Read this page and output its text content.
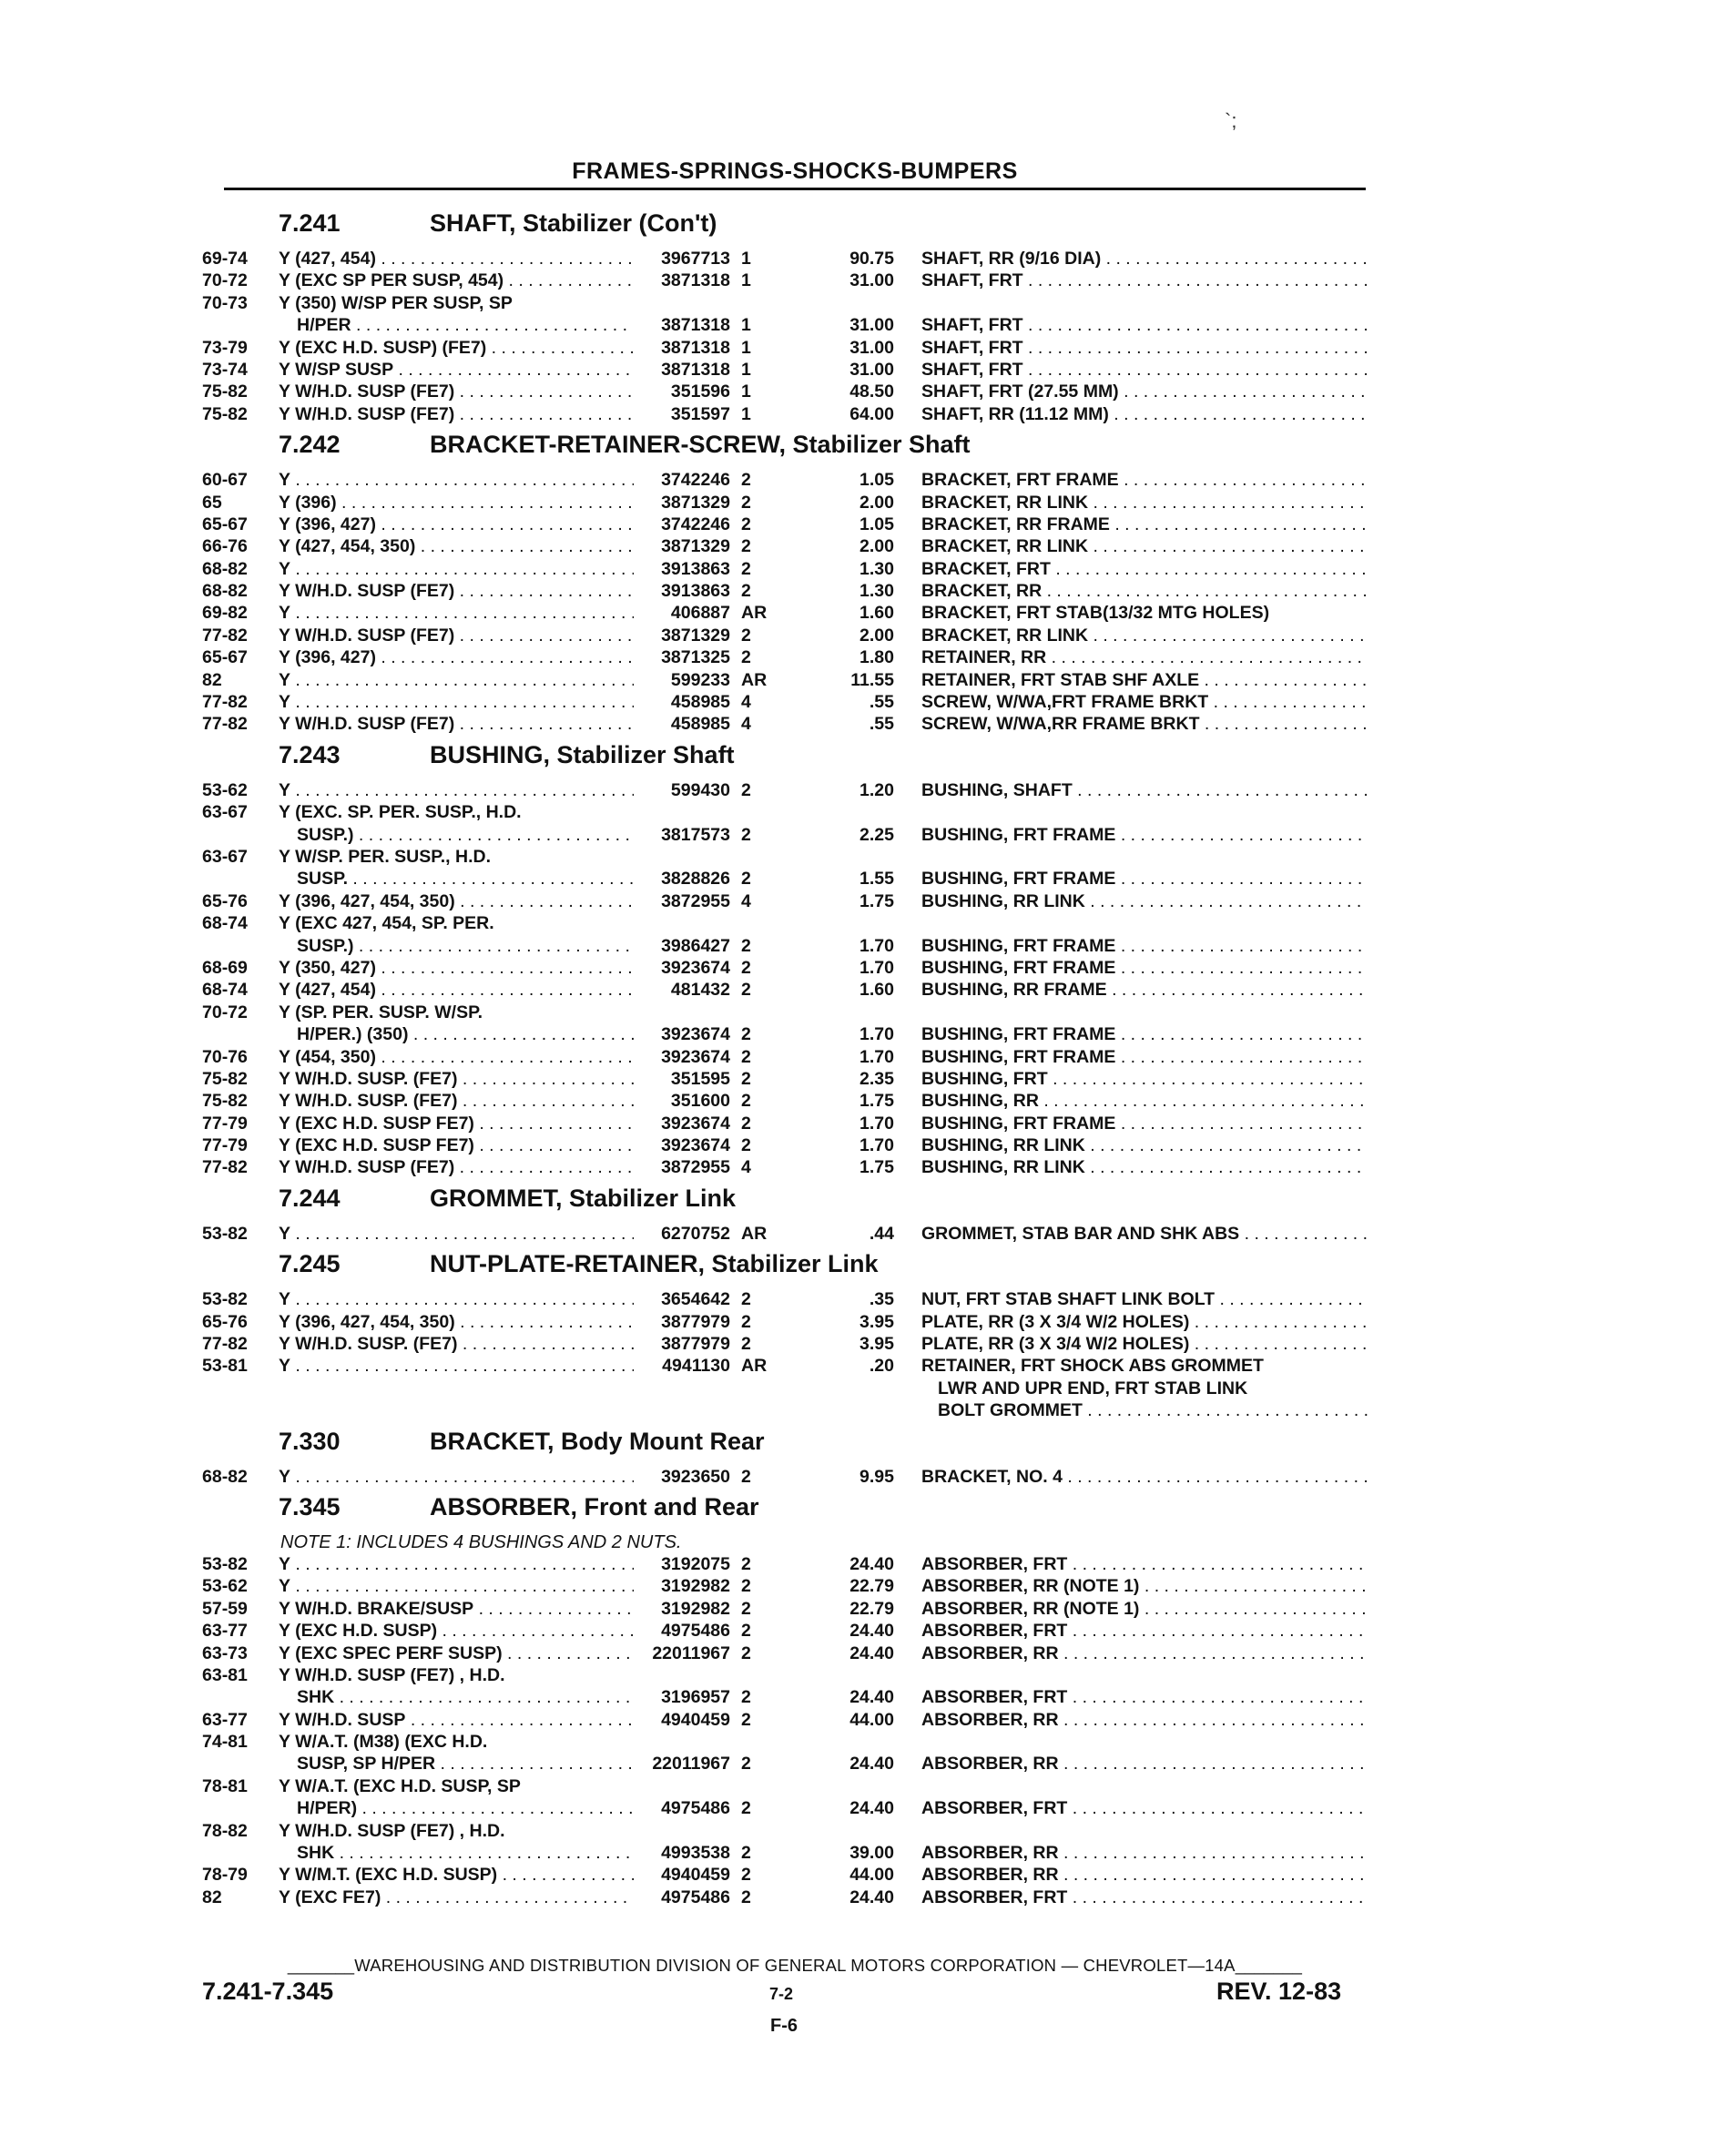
`;
FRAMES-SPRINGS-SHOCKS-BUMPERS
7.241	SHAFT, Stabilizer (Con't)
69-74	Y (427, 454) . . .	3967713 1	90.75 SHAFT, RR (9/16 DIA) . . .
70-72	Y (EXC SP PER SUSP, 454) . . .	3871318 1	31.00 SHAFT, FRT . . .
70-73	Y (350) W/SP PER SUSP, SP
H/PER . . .	3871318 1	31.00 SHAFT, FRT . . .
73-79	Y (EXC H.D. SUSP) (FE7) . . .	3871318 1	31.00 SHAFT, FRT . . .
73-74	Y W/SP SUSP . . .	3871318 1	31.00 SHAFT, FRT . . .
75-82	Y W/H.D. SUSP (FE7) . . .	351596 1	48.50 SHAFT, FRT (27.55 MM) . . .
75-82	Y W/H.D. SUSP (FE7) . . .	351597 1	64.00 SHAFT, RR (11.12 MM) . . .
7.242	BRACKET-RETAINER-SCREW, Stabilizer Shaft
60-67	Y . . .	3742246 2	1.05 BRACKET, FRT FRAME . . .
65	Y (396) . . .	3871329 2	2.00 BRACKET, RR LINK . . .
65-67	Y (396, 427) . . .	3742246 2	1.05 BRACKET, RR FRAME . . .
66-76	Y (427, 454, 350) . . .	3871329 2	2.00 BRACKET, RR LINK . . .
68-82	Y . . .	3913863 2	1.30 BRACKET, FRT . . .
68-82	Y W/H.D. SUSP (FE7) . . .	3913863 2	1.30 BRACKET, RR . . .
69-82	Y . . .	406887 AR	1.60 BRACKET, FRT STAB(13/32 MTG HOLES)
77-82	Y W/H.D. SUSP (FE7) . . .	3871329 2	2.00 BRACKET, RR LINK . . .
65-67	Y (396, 427) . . .	3871325 2	1.80 RETAINER, RR . . .
82	Y . . .	599233 AR	11.55 RETAINER, FRT STAB SHF AXLE . . .
77-82	Y . . .	458985 4	.55 SCREW, W/WA,FRT FRAME BRKT . . .
77-82	Y W/H.D. SUSP (FE7) . . .	458985 4	.55 SCREW, W/WA,RR FRAME BRKT . . .
7.243	BUSHING, Stabilizer Shaft
53-62	Y . . .	599430 2	1.20 BUSHING, SHAFT . . .
63-67	Y (EXC. SP. PER. SUSP., H.D.
SUSP.) . . .	3817573 2	2.25 BUSHING, FRT FRAME . . .
63-67	Y W/SP. PER. SUSP., H.D.
SUSP. . . .	3828826 2	1.55 BUSHING, FRT FRAME . . .
65-76	Y (396, 427, 454, 350) . . .	3872955 4	1.75 BUSHING, RR LINK . . .
68-74	Y (EXC 427, 454, SP. PER.
SUSP.) . . .	3986427 2	1.70 BUSHING, FRT FRAME . . .
68-69	Y (350, 427) . . .	3923674 2	1.70 BUSHING, FRT FRAME . . .
68-74	Y (427, 454) . . .	481432 2	1.60 BUSHING, RR FRAME . . .
70-72	Y (SP. PER. SUSP. W/SP.
H/PER.) (350) . . .	3923674 2	1.70 BUSHING, FRT FRAME . . .
70-76	Y (454, 350) . . .	3923674 2	1.70 BUSHING, FRT FRAME . . .
75-82	Y W/H.D. SUSP. (FE7) . . .	351595 2	2.35 BUSHING, FRT . . .
75-82	Y W/H.D. SUSP. (FE7) . . .	351600 2	1.75 BUSHING, RR . . .
77-79	Y (EXC H.D. SUSP FE7) . . .	3923674 2	1.70 BUSHING, FRT FRAME . . .
77-79	Y (EXC H.D. SUSP FE7) . . .	3923674 2	1.70 BUSHING, RR LINK . . .
77-82	Y W/H.D. SUSP (FE7) . . .	3872955 4	1.75 BUSHING, RR LINK . . .
7.244	GROMMET, Stabilizer Link
53-82	Y . . .	6270752 AR	.44 GROMMET, STAB BAR AND SHK ABS . . .
7.245	NUT-PLATE-RETAINER, Stabilizer Link
53-82	Y . . .	3654642 2	.35 NUT, FRT STAB SHAFT LINK BOLT . . .
65-76	Y (396, 427, 454, 350) . . .	3877979 2	3.95 PLATE, RR (3 X 3/4 W/2 HOLES) . . .
77-82	Y W/H.D. SUSP. (FE7) . . .	3877979 2	3.95 PLATE, RR (3 X 3/4 W/2 HOLES) . . .
53-81	Y . . .	4941130 AR	.20 RETAINER, FRT SHOCK ABS GROMMET
LWR AND UPR END, FRT STAB LINK
BOLT GROMMET . . .
7.330	BRACKET, Body Mount Rear
68-82	Y . . .	3923650 2	9.95 BRACKET, NO. 4 . . .
7.345	ABSORBER, Front and Rear
NOTE 1: INCLUDES 4 BUSHINGS AND 2 NUTS.
53-82	Y . . .	3192075 2	24.40 ABSORBER, FRT . . .
53-62	Y . . .	3192982 2	22.79 ABSORBER, RR (NOTE 1) . . .
57-59	Y W/H.D. BRAKE/SUSP . . .	3192982 2	22.79 ABSORBER, RR (NOTE 1) . . .
63-77	Y (EXC H.D. SUSP) . . .	4975486 2	24.40 ABSORBER, FRT . . .
63-73	Y (EXC SPEC PERF SUSP) . . .	22011967 2	24.40 ABSORBER, RR . . .
63-81	Y W/H.D. SUSP (FE7) , H.D.
SHK . . .	3196957 2	24.40 ABSORBER, FRT . . .
63-77	Y W/H.D. SUSP . . .	4940459 2	44.00 ABSORBER, RR . . .
74-81	Y W/A.T. (M38) (EXC H.D.
SUSP, SP H/PER . . .	22011967 2	24.40 ABSORBER, RR . . .
78-81	Y W/A.T. (EXC H.D. SUSP, SP
H/PER) . . .	4975486 2	24.40 ABSORBER, FRT . . .
78-82	Y W/H.D. SUSP (FE7) , H.D.
SHK . . .	4993538 2	39.00 ABSORBER, RR . . .
78-79	Y W/M.T. (EXC H.D. SUSP) . . .	4940459 2	44.00 ABSORBER, RR . . .
82	Y (EXC FE7) . . .	4975486 2	24.40 ABSORBER, FRT . . .
_______WAREHOUSING AND DISTRIBUTION DIVISION OF GENERAL MOTORS CORPORATION — CHEVROLET—14A_______
7.241-7.345	7-2	REV. 12-83
F-6
